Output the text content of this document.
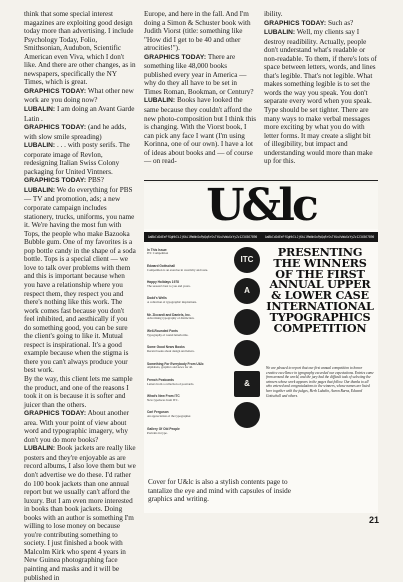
think that some special interest magazines are exploiting good design today more than advertising. I include Psychology Today, Folio, Smithsonian, Audubon, Scientific American even Viva, which I don't like. And there are other changes, as in newspapers, specifically the NY Times, which is great.

GRAPHICS TODAY: What other new work are you doing now?

LUBALIN: I am doing an Avant Garde Latin .

GRAPHICS TODAY: (and he adds, with slow smile spreading)

LUBALIN: . . . with posty serifs. The corporate image of Revlon, redesigning Italian Swiss Colony packaging for United Vintners.

GRAPHICS TODAY: PBS?

LUBALIN: We do everything for PBS — TV and promotion, ads; a new corporate campaign includes stationery, trucks, uniforms, you name it. We're having the most fun with Tops, the people who make Bazooka Bubble gum. One of my favorites is a pop bottle candy in the shape of a soda bottle. Tops is a special client — we love to talk over problems with them and this is important because when you have a relationship where you respect them, they respect you and there's nothing like this work. The work comes fast because you don't feel inhibited, and aesthically if you do something good, you can be sure the client's going to like it. Mutual respect is inspirational. It's a good example because when the stigma is there you can't always produce your best work.

By the way, this client lets me sample the product, and one of the reasons I took it on is because it is softer and juicer than the others.

GRAPHICS TODAY: About another area. With your point of view about word and typographic imagery, why don't you do more books?

LUBALIN: Book jackets are really like posters and they're enjoyable as are record albums, I also love them but we don't advertise we do these. I'd rather do 100 book jackets than one annual report but we usually can't afford the luxury. But I am even more interested in books than book jackets. Doing books with an author is something I'm willing to lose money on because you're contributing something to society. I just finished a book with Malcolm Kirk who spent 4 years in New Guinea photographing face painting and masks and it will be published in

Europe, and here in the fall. And I'm doing a Simon & Schuster book with Judith Viorst (title: something like "How did I get to be 40 and other atrocities!").

GRAPHICS TODAY: There are something like 48,000 books published every year in America — why do they all have to be set in Times Roman, Bookman, or Century?

LUBALIN: Books have looked the same because they couldn't afford the new photo-composition but I think this is changing. With the Viorst book, I can pick any face I want (I'm using Korinna, one of our own). I have a lot of ideas about books and — of course — on read-

ibility.

GRAPHICS TODAY: Such as?

LUBALIN: Well, my clients say I destroy readibility. Actually, people don't understand what's readable or non-readable. To them, if there's lots of space between letters, words, and lines that's legible. That's not legible. What makes something legible is to set the words the way you speak. You don't separate every word when you speak. Type should be set tighter. There are many ways to make verbal messages more exciting by what you do with letter forms. It may create a slight bit of illegibility, but impact and understanding would more than make up for this.

U&lc
AaBbCcDdEeFfGgHhIiJjKkLlMmNnOoPpQqRrSsTtUuVvWwXxYyZz1234567890 AaBbCcDdEeFfGgHhIiJjKkLlMmNnOoPpQqRrSsTtUuVvWwXxYyZz1234567890
In This Issue:
ITC Competition
Edward Gottschall
Competition is an exercise in creativity and taste.
Happy Holidays 1978
The season's best to you and yours.
Dodd's Wells
A collection of typographic inspirations.
Mr. Ziccardi and Daniels, Inc.
Advertising typography of distinction.
Well-Rounded Fonts
Typography of round letterforms.
Some Good News Books
Recent books about design and letters.
Something For Everybody From U&lc
Alphabets, graphics and news for all.
French Postcards
Letters from a collection of postcards.
What's New From ITC
New typefaces from ITC.
Carl Ferguson
An appreciation of the typographer.
Gallery Of Old People
Portraits in type.
ITC
A
&
PRESENTING THE WINNERS OF THE FIRST ANNUAL UPPER & LOWER CASE INTERNATIONAL TYPOGRAPHICS COMPETITION
We are pleased to report that our first annual competition to honor creative excellence in typography exceeded our expectations. Entries came from around the world, and the jury had the difficult task of selecting the winners whose work appears in the pages that follow. Our thanks to all who entered and congratulations to the winners, whose names are listed here together with the judges, Herb Lubalin, Aaron Burns, Edward Gottschall and others.
Cover for U&lc is also a stylish contents page to tantalize the eye and mind with capsules of inside graphics and writing.
21
